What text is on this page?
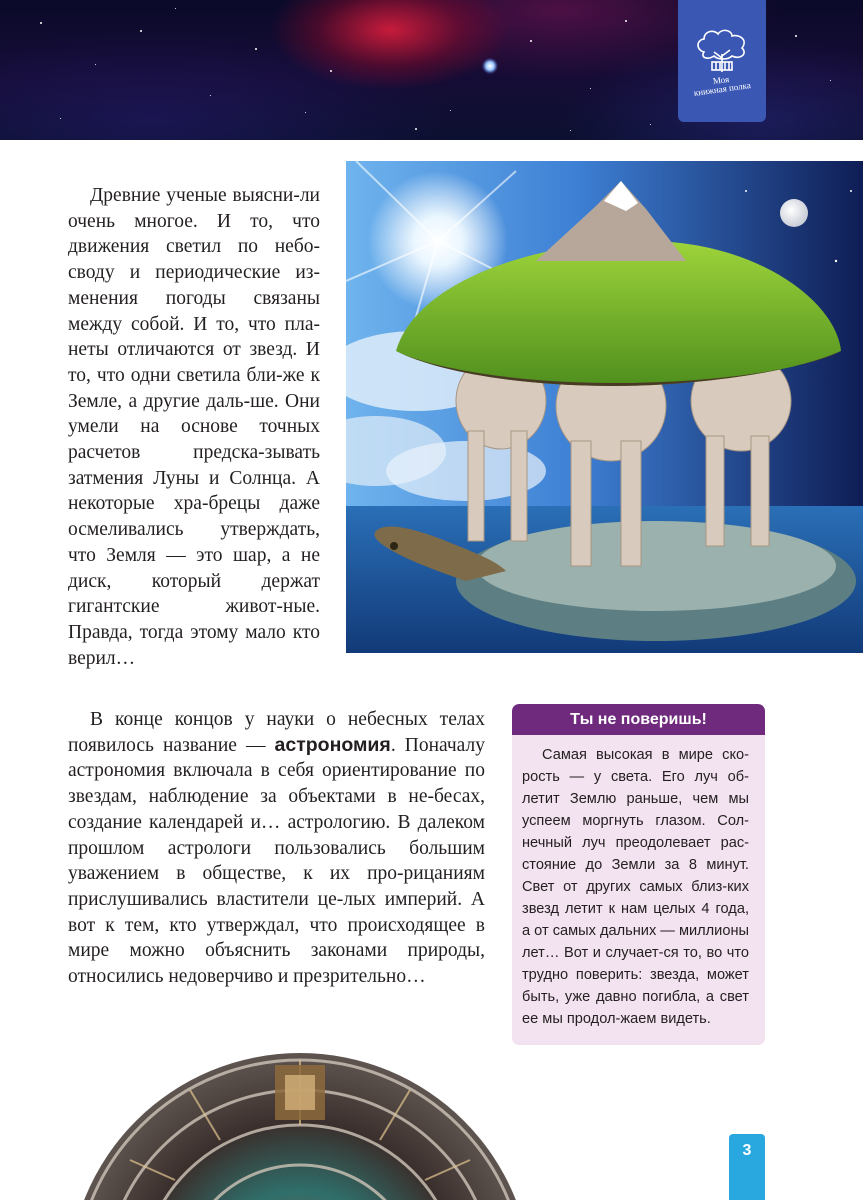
Моя
книжная полка

Древние ученые выясни-ли очень многое. И то, что движения светил по небо-своду и периодические из-менения погоды связаны между собой. И то, что пла-неты отличаются от звезд. И то, что одни светила бли-же к Земле, а другие даль-ше. Они умели на основе точных расчетов предска-зывать затмения Луны и Солнца. А некоторые хра-брецы даже осмеливались утверждать, что Земля — это шар, а не диск, который держат гигантские живот-ные. Правда, тогда этому мало кто верил…

В конце концов у науки о небесных телах появилось название — астрономия. Поначалу астрономия включала в себя ориентирование по звездам, наблюдение за объектами в не-бесах, создание календарей и… астрологию. В далеком прошлом астрологи пользовались большим уважением в обществе, к их про-рицаниям прислушивались властители це-лых империй. А вот к тем, кто утверждал, что происходящее в мире можно объяснить законами природы, относились недоверчиво и презрительно…

Ты не поверишь!
Самая высокая в мире ско-рость — у света. Его луч об-летит Землю раньше, чем мы успеем моргнуть глазом. Сол-нечный луч преодолевает рас-стояние до Земли за 8 минут. Свет от других самых близ-ких звезд летит к нам целых 4 года, а от самых дальних — миллионы лет… Вот и случает-ся то, во что трудно поверить: звезда, может быть, уже давно погибла, а свет ее мы продол-жаем видеть.
3
